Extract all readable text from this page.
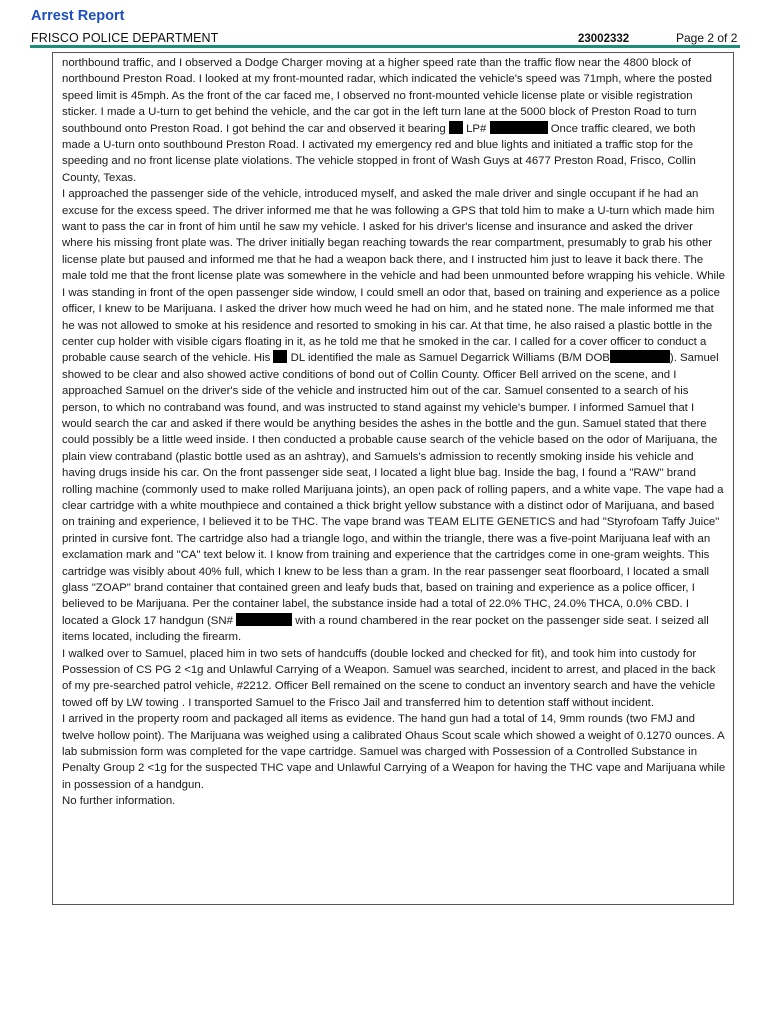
Arrest Report
FRISCO POLICE DEPARTMENT	23002332	Page 2 of 2

northbound traffic, and I observed a Dodge Charger moving at a higher speed rate than the traffic flow near the 4800 block of northbound Preston Road. I looked at my front-mounted radar, which indicated the vehicle's speed was 71mph, where the posted speed limit is 45mph. As the front of the car faced me, I observed no front-mounted vehicle license plate or visible registration sticker. I made a U-turn to get behind the vehicle, and the car got in the left turn lane at the 5000 block of Preston Road to turn southbound onto Preston Road. I got behind the car and observed it bearing  LP#	Once traffic cleared, we both made a U-turn onto southbound Preston Road. I activated my emergency red and blue lights and initiated a traffic stop for the speeding and no front license plate violations. The vehicle stopped in front of Wash Guys at 4677 Preston Road, Frisco, Collin County, Texas.

I approached the passenger side of the vehicle, introduced myself, and asked the male driver and single occupant if he had an excuse for the excess speed. The driver informed me that he was following a GPS that told him to make a U-turn which made him want to pass the car in front of him until he saw my vehicle. I asked for his driver's license and insurance and asked the driver where his missing front plate was. The driver initially began reaching towards the rear compartment, presumably to grab his other license plate but paused and informed me that he had a weapon back there, and I instructed him just to leave it back there. The male told me that the front license plate was somewhere in the vehicle and had been unmounted before wrapping his vehicle. While I was standing in front of the open passenger side window, I could smell an odor that, based on training and experience as a police officer, I knew to be Marijuana. I asked the driver how much weed he had on him, and he stated none. The male informed me that he was not allowed to smoke at his residence and resorted to smoking in his car. At that time, he also raised a plastic bottle in the center cup holder with visible cigars floating in it, as he told me that he smoked in the car. I called for a cover officer to conduct a probable cause search of the vehicle. His  DL identified the male as Samuel Degarrick Williams (B/M DOB	). Samuel showed to be clear and also showed active conditions of bond out of Collin County. Officer Bell arrived on the scene, and I approached Samuel on the driver's side of the vehicle and instructed him out of the car. Samuel consented to a search of his person, to which no contraband was found, and was instructed to stand against my vehicle's bumper. I informed Samuel that I would search the car and asked if there would be anything besides the ashes in the bottle and the gun. Samuel stated that there could possibly be a little weed inside. I then conducted a probable cause search of the vehicle based on the odor of Marijuana, the plain view contraband (plastic bottle used as an ashtray), and Samuels's admission to recently smoking inside his vehicle and having drugs inside his car. On the front passenger side seat, I located a light blue bag. Inside the bag, I found a "RAW" brand rolling machine (commonly used to make rolled Marijuana joints), an open pack of rolling papers, and a white vape. The vape had a clear cartridge with a white mouthpiece and contained a thick bright yellow substance with a distinct odor of Marijuana, and based on training and experience, I believed it to be THC. The vape brand was TEAM ELITE GENETICS and had "Styrofoam Taffy Juice" printed in cursive font. The cartridge also had a triangle logo, and within the triangle, there was a five-point Marijuana leaf with an exclamation mark and "CA" text below it. I know from training and experience that the cartridges come in one-gram weights. This cartridge was visibly about 40% full, which I knew to be less than a gram. In the rear passenger seat floorboard, I located a small glass "ZOAP" brand container that contained green and leafy buds that, based on training and experience as a police officer, I believed to be Marijuana. Per the container label, the substance inside had a total of 22.0% THC, 24.0% THCA, 0.0% CBD. I located a Glock 17 handgun (SN#	with a round chambered in the rear pocket on the passenger side seat. I seized all items located, including the firearm.

I walked over to Samuel, placed him in two sets of handcuffs (double locked and checked for fit), and took him into custody for Possession of CS PG 2 <1g and Unlawful Carrying of a Weapon. Samuel was searched, incident to arrest, and placed in the back of my pre-searched patrol vehicle, #2212. Officer Bell remained on the scene to conduct an inventory search and have the vehicle towed off by LW towing . I transported Samuel to the Frisco Jail and transferred him to detention staff without incident.

I arrived in the property room and packaged all items as evidence. The hand gun had a total of 14, 9mm rounds (two FMJ and twelve hollow point). The Marijuana was weighed using a calibrated Ohaus Scout scale which showed a weight of 0.1270 ounces. A lab submission form was completed for the vape cartridge. Samuel was charged with Possession of a Controlled Substance in Penalty Group 2 <1g for the suspected THC vape and Unlawful Carrying of a Weapon for having the THC vape and Marijuana while in possession of a handgun.

No further information.
